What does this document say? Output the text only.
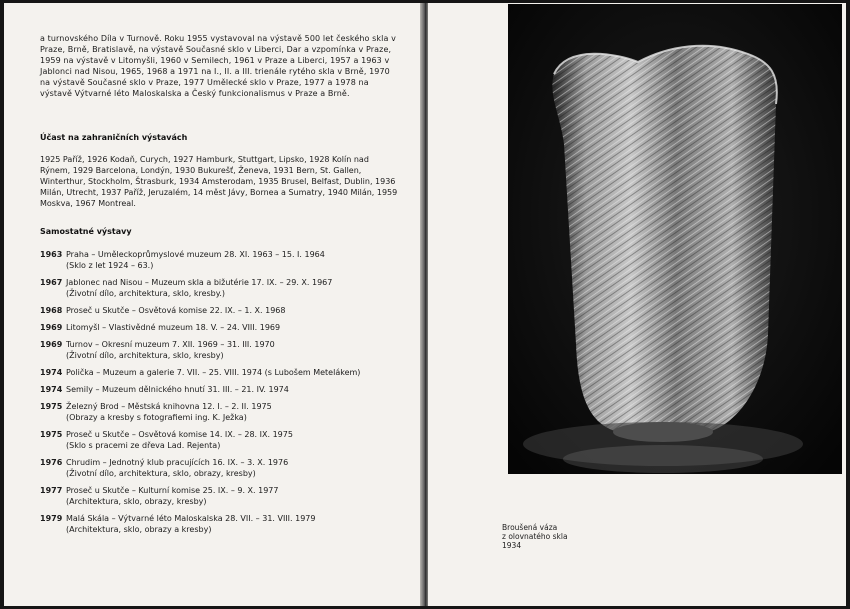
a turnovského Díla v Turnově. Roku 1955 vystavoval na výstavě 500 let českého skla v Praze, Brně, Bratislavě, na výstavě Současné sklo v Liberci, Dar a vzpomínka v Praze, 1959 na výstavě v Litomyšli, 1960 v Semilech, 1961 v Praze a Liberci, 1957 a 1963 v Jablonci nad Nisou, 1965, 1968 a 1971 na I., II. a III. trienále rytého skla v Brně, 1970 na výstavě Současné sklo v Praze, 1977 Umělecké sklo v Praze, 1977 a 1978 na výstavě Výtvarné léto Maloskalska a Český funkcionalismus v Praze a Brně.

Účast na zahraničních výstavách
1925 Paříž, 1926 Kodaň, Curych, 1927 Hamburk, Stuttgart, Lipsko, 1928 Kolín nad Rýnem, 1929 Barcelona, Londýn, 1930 Bukurešť, Ženeva, 1931 Bern, St. Gallen, Winterthur, Stockholm, Štrasburk, 1934 Amsterodam, 1935 Brusel, Belfast, Dublin, 1936 Milán, Utrecht, 1937 Paříž, Jeruzalém, 14 měst Jávy, Bornea a Sumatry, 1940 Milán, 1959 Moskva, 1967 Montreal.
Samostatné výstavy
1963 Praha – Uměleckoprůmyslové muzeum 28. XI. 1963 – 15. I. 1964
(Sklo z let 1924 – 63.)
1967 Jablonec nad Nisou – Muzeum skla a bižutérie 17. IX. – 29. X. 1967
(Životní dílo, architektura, sklo, kresby.)
1968 Proseč u Skutče – Osvětová komise 22. IX. – 1. X. 1968
1969 Litomyšl – Vlastivědné muzeum 18. V. – 24. VIII. 1969
1969 Turnov – Okresní muzeum 7. XII. 1969 – 31. III. 1970
(Životní dílo, architektura, sklo, kresby)
1974 Polička – Muzeum a galerie 7. VII. – 25. VIII. 1974 (s Lubošem Metelákem)
1974 Semily – Muzeum dělnického hnutí 31. III. – 21. IV. 1974
1975 Železný Brod – Městská knihovna 12. I. – 2. II. 1975
(Obrazy a kresby s fotografiemi ing. K. Ježka)
1975 Proseč u Skutče – Osvětová komise 14. IX. – 28. IX. 1975
(Sklo s pracemi ze dřeva Lad. Rejenta)
1976 Chrudim – Jednotný klub pracujících 16. IX. – 3. X. 1976
(Životní dílo, architektura, sklo, obrazy, kresby)
1977 Proseč u Skutče – Kulturní komise 25. IX. – 9. X. 1977
(Architektura, sklo, obrazy, kresby)
1979 Malá Skála – Výtvarné léto Maloskalska 28. VII. – 31. VIII. 1979
(Architektura, sklo, obrazy a kresby)	Broušená váza
z olovnatého skla
1934
